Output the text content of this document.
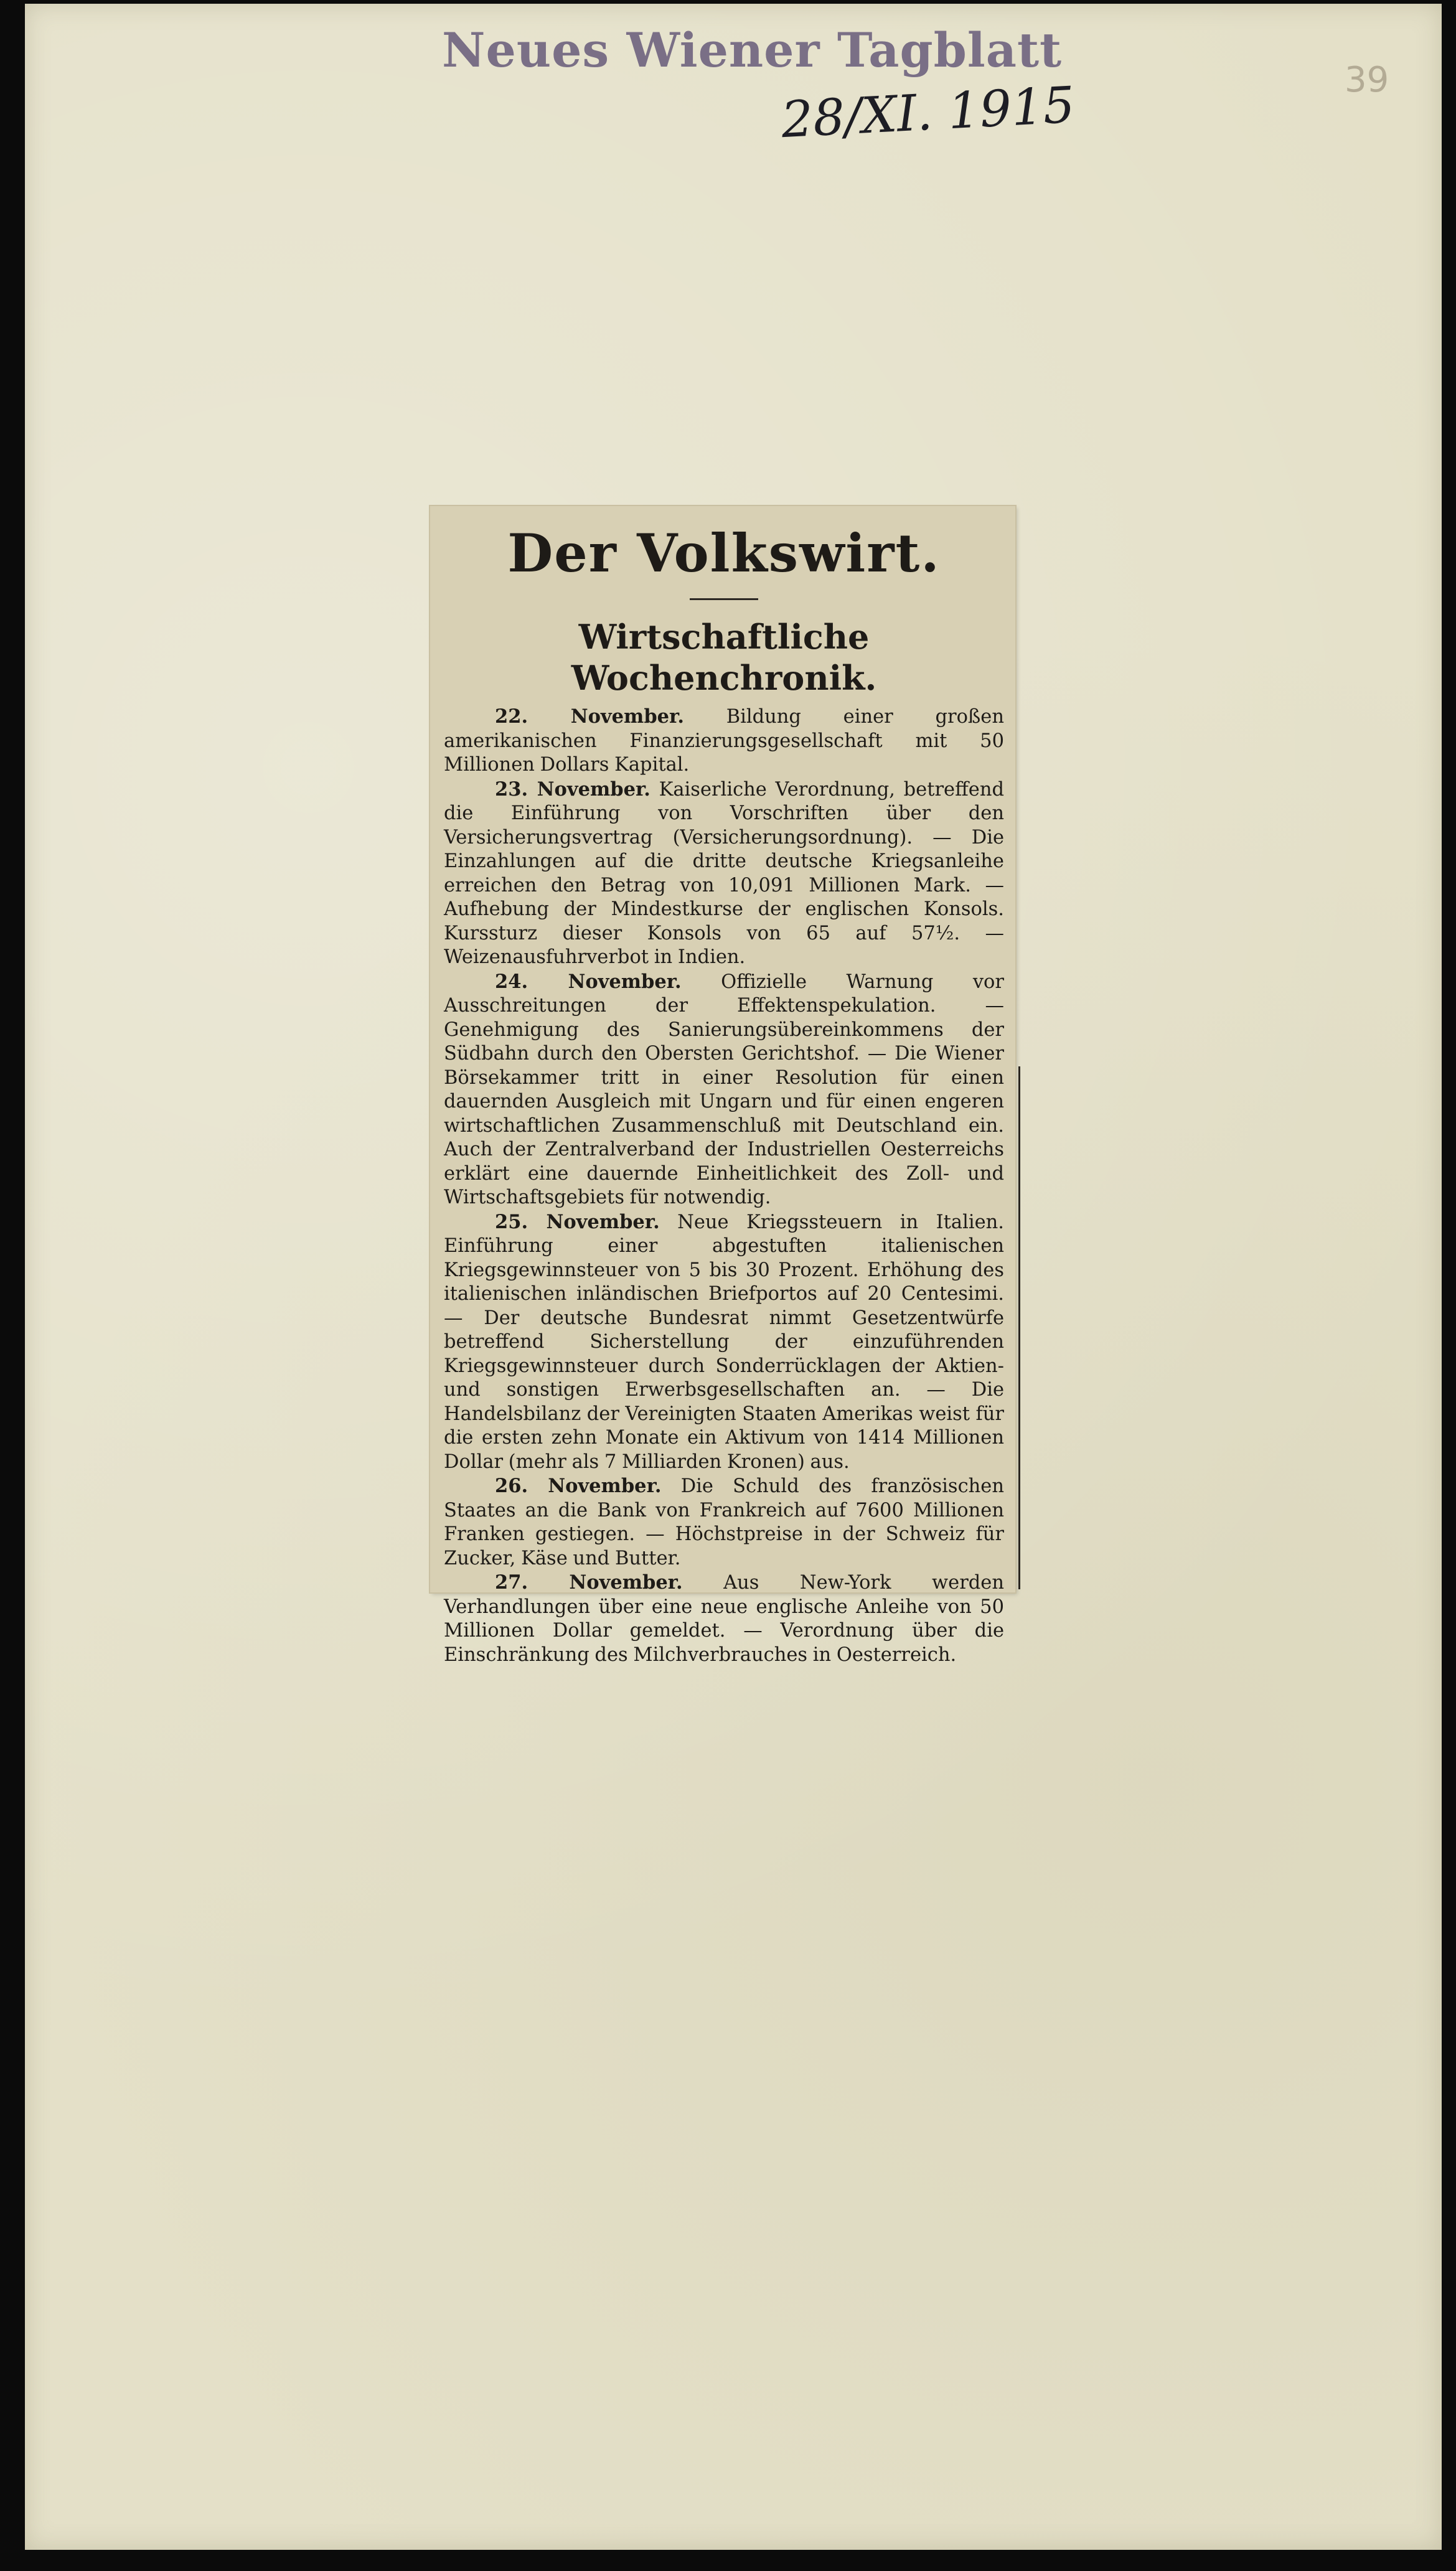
Neues Wiener Tagblatt
28/XI. 1915	39
Der Volkswirt.
Wirtschaftliche Wochenchronik.

22. November. Bildung einer großen amerikanischen Finanzierungsgesellschaft mit 50 Millionen Dollars Kapital.

23. November. Kaiserliche Verordnung, betreffend die Einführung von Vorschriften über den Versicherungsvertrag (Versicherungsordnung). — Die Einzahlungen auf die dritte deutsche Kriegsanleihe erreichen den Betrag von 10,091 Millionen Mark. — Aufhebung der Mindestkurse der englischen Konsols. Kurssturz dieser Konsols von 65 auf 57½. — Weizenausfuhrverbot in Indien.

24. November. Offizielle Warnung vor Ausschreitungen der Effektenspekulation. — Genehmigung des Sanierungsübereinkommens der Südbahn durch den Obersten Gerichtshof. — Die Wiener Börsekammer tritt in einer Resolution für einen dauernden Ausgleich mit Ungarn und für einen engeren wirtschaftlichen Zusammenschluß mit Deutschland ein. Auch der Zentralverband der Industriellen Oesterreichs erklärt eine dauernde Einheitlichkeit des Zoll- und Wirtschaftsgebiets für notwendig.

25. November. Neue Kriegssteuern in Italien. Einführung einer abgestuften italienischen Kriegsgewinnsteuer von 5 bis 30 Prozent. Erhöhung des italienischen inländischen Briefportos auf 20 Centesimi. — Der deutsche Bundesrat nimmt Gesetzentwürfe betreffend Sicherstellung der einzuführenden Kriegsgewinnsteuer durch Sonderrücklagen der Aktien- und sonstigen Erwerbsgesellschaften an. — Die Handelsbilanz der Vereinigten Staaten Amerikas weist für die ersten zehn Monate ein Aktivum von 1414 Millionen Dollar (mehr als 7 Milliarden Kronen) aus.

26. November. Die Schuld des französischen Staates an die Bank von Frankreich auf 7600 Millionen Franken gestiegen. — Höchstpreise in der Schweiz für Zucker, Käse und Butter.

27. November. Aus New-York werden Verhandlungen über eine neue englische Anleihe von 50 Millionen Dollar gemeldet. — Verordnung über die Einschränkung des Milchverbrauches in Oesterreich.
